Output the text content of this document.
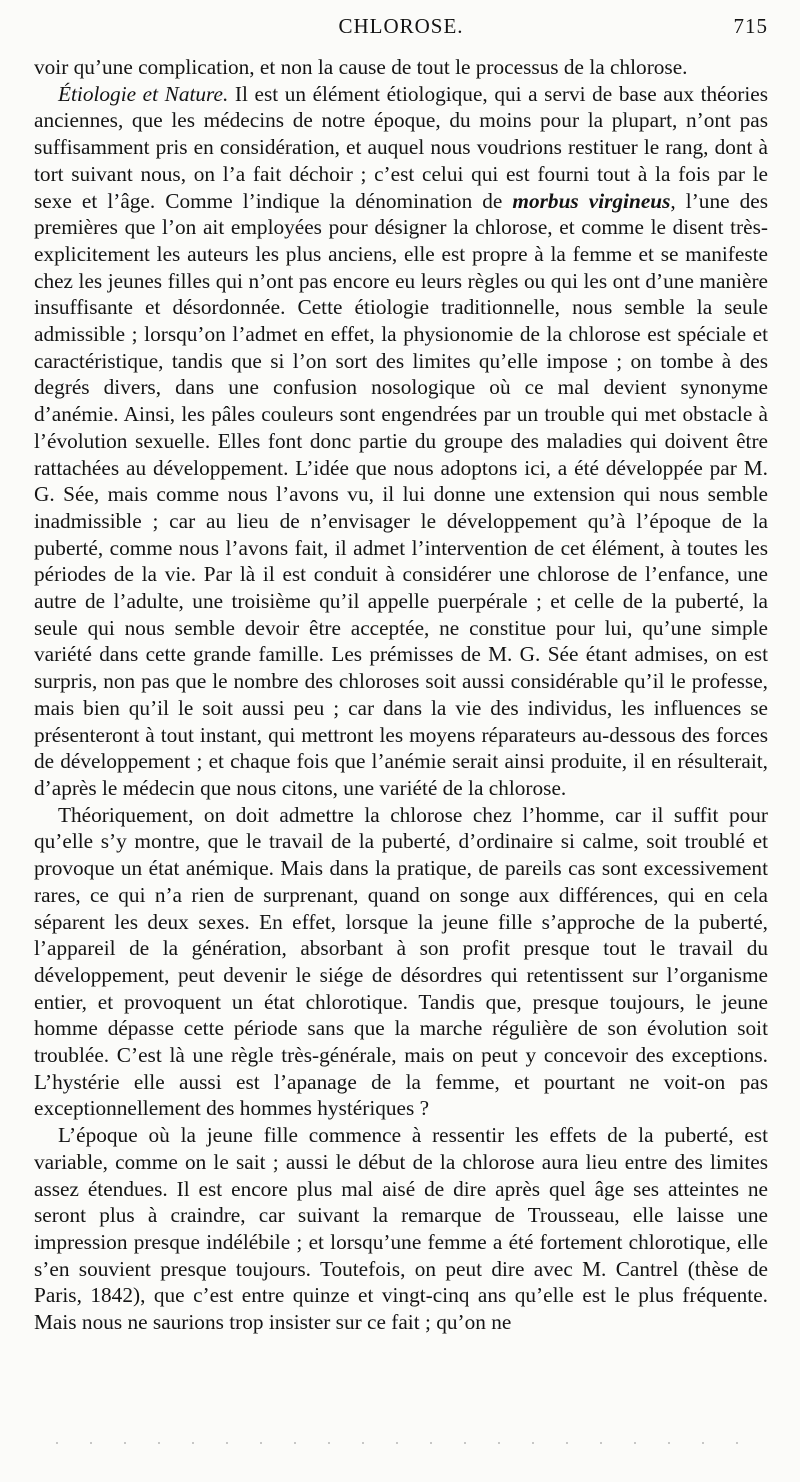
CHLOROSE.	715

voir qu’une complication, et non la cause de tout le processus de la chlorose.

Étiologie et Nature. Il est un élément étiologique, qui a servi de base aux théories anciennes, que les médecins de notre époque, du moins pour la plupart, n’ont pas suffisamment pris en considération, et auquel nous voudrions restituer le rang, dont à tort suivant nous, on l’a fait déchoir ; c’est celui qui est fourni tout à la fois par le sexe et l’âge. Comme l’indique la dénomination de morbus virgineus, l’une des premières que l’on ait employées pour désigner la chlorose, et comme le disent très-explicitement les auteurs les plus anciens, elle est propre à la femme et se manifeste chez les jeunes filles qui n’ont pas encore eu leurs règles ou qui les ont d’une manière insuffisante et désordonnée. Cette étiologie traditionnelle, nous semble la seule admissible ; lorsqu’on l’admet en effet, la physionomie de la chlorose est spéciale et caractéristique, tandis que si l’on sort des limites qu’elle impose ; on tombe à des degrés divers, dans une confusion nosologique où ce mal devient synonyme d’anémie. Ainsi, les pâles couleurs sont engendrées par un trouble qui met obstacle à l’évolution sexuelle. Elles font donc partie du groupe des maladies qui doivent être rattachées au développement. L’idée que nous adoptons ici, a été développée par M. G. Sée, mais comme nous l’avons vu, il lui donne une extension qui nous semble inadmissible ; car au lieu de n’envisager le développement qu’à l’époque de la puberté, comme nous l’avons fait, il admet l’intervention de cet élément, à toutes les périodes de la vie. Par là il est conduit à considérer une chlorose de l’enfance, une autre de l’adulte, une troisième qu’il appelle puerpérale ; et celle de la puberté, la seule qui nous semble devoir être acceptée, ne constitue pour lui, qu’une simple variété dans cette grande famille. Les prémisses de M. G. Sée étant admises, on est surpris, non pas que le nombre des chloroses soit aussi considérable qu’il le professe, mais bien qu’il le soit aussi peu ; car dans la vie des individus, les influences se présenteront à tout instant, qui mettront les moyens réparateurs au-dessous des forces de développement ; et chaque fois que l’anémie serait ainsi produite, il en résulterait, d’après le médecin que nous citons, une variété de la chlorose.

Théoriquement, on doit admettre la chlorose chez l’homme, car il suffit pour qu’elle s’y montre, que le travail de la puberté, d’ordinaire si calme, soit troublé et provoque un état anémique. Mais dans la pratique, de pareils cas sont excessivement rares, ce qui n’a rien de surprenant, quand on songe aux différences, qui en cela séparent les deux sexes. En effet, lorsque la jeune fille s’approche de la puberté, l’appareil de la génération, absorbant à son profit presque tout le travail du développement, peut devenir le siége de désordres qui retentissent sur l’organisme entier, et provoquent un état chlorotique. Tandis que, presque toujours, le jeune homme dépasse cette période sans que la marche régulière de son évolution soit troublée. C’est là une règle très-générale, mais on peut y concevoir des exceptions. L’hystérie elle aussi est l’apanage de la femme, et pourtant ne voit-on pas exceptionnellement des hommes hystériques ?

L’époque où la jeune fille commence à ressentir les effets de la puberté, est variable, comme on le sait ; aussi le début de la chlorose aura lieu entre des limites assez étendues. Il est encore plus mal aisé de dire après quel âge ses atteintes ne seront plus à craindre, car suivant la remarque de Trousseau, elle laisse une impression presque indélébile ; et lorsqu’une femme a été fortement chlorotique, elle s’en souvient presque toujours. Toutefois, on peut dire avec M. Cantrel (thèse de Paris, 1842), que c’est entre quinze et vingt-cinq ans qu’elle est le plus fréquente. Mais nous ne saurions trop insister sur ce fait ; qu’on ne
